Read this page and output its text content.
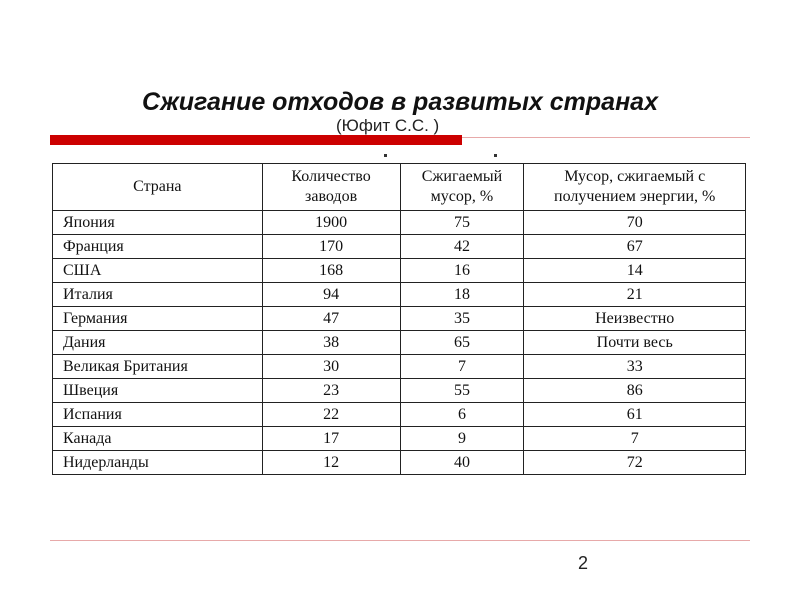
Сжигание отходов в развитых странах
(Юфит С.С. )
Страна	Количество заводов	Сжигаемый мусор, %	Мусор, сжигаемый с получением энергии, %
Япония	1900	75	70
Франция	170	42	67
США	168	16	14
Италия	94	18	21
Германия	47	35	Неизвестно
Дания	38	65	Почти весь
Великая Британия	30	7	33
Швеция	23	55	86
Испания	22	6	61
Канада	17	9	7
Нидерланды	12	40	72
2
